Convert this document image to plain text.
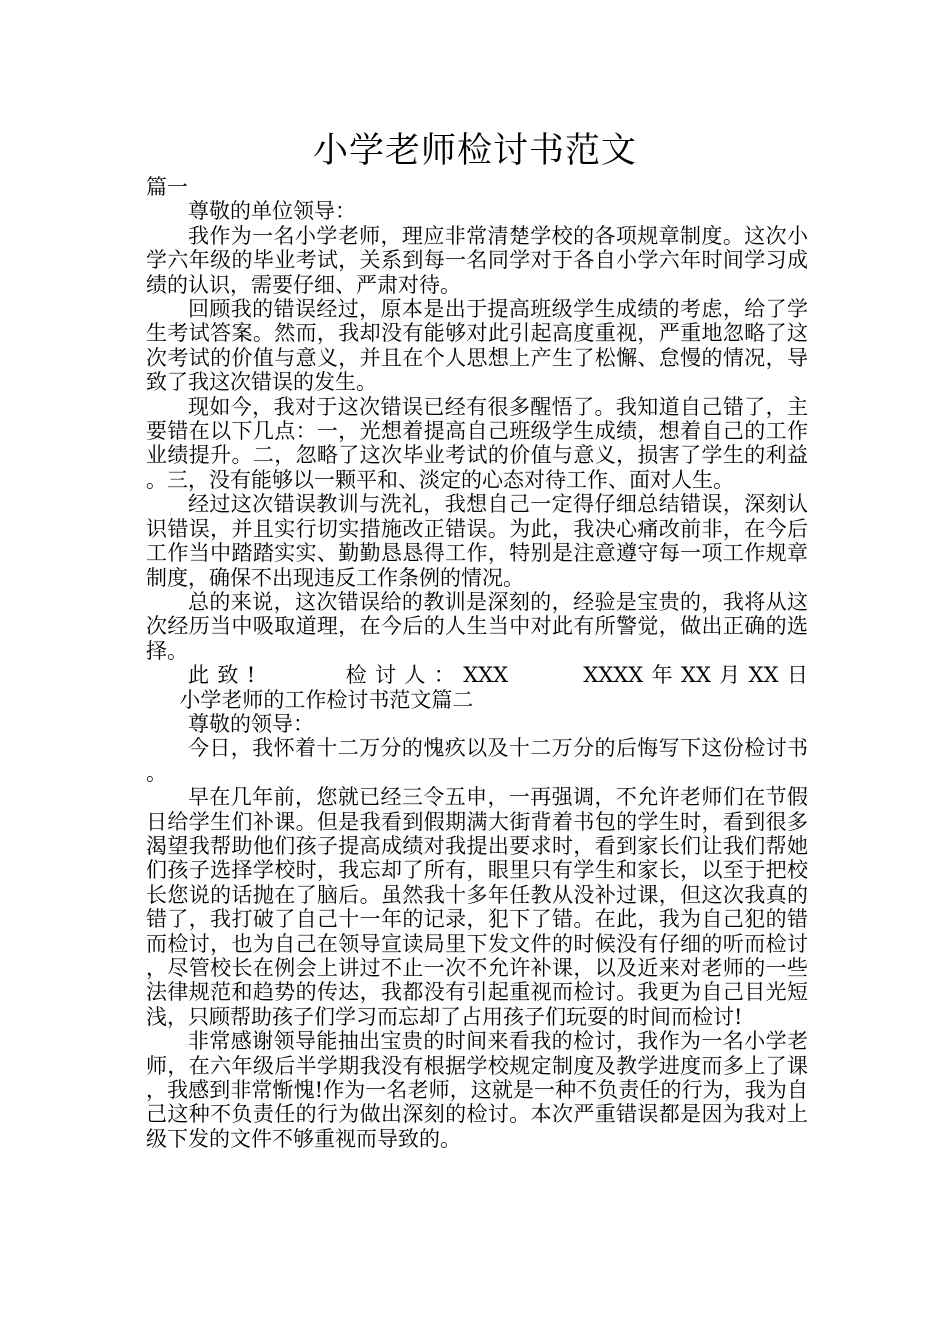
小学老师检讨书范文

篇一

尊敬的单位领导：

我作为一名小学老师，理应非常清楚学校的各项规章制度。这次小学六年级的毕业考试，关系到每一名同学对于各自小学六年时间学习成绩的认识，需要仔细、严肃对待。

回顾我的错误经过，原本是出于提高班级学生成绩的考虑，给了学生考试答案。然而，我却没有能够对此引起高度重视，严重地忽略了这次考试的价值与意义，并且在个人思想上产生了松懈、怠慢的情况，导致了我这次错误的发生。

现如今，我对于这次错误已经有很多醒悟了。我知道自己错了，主要错在以下几点：一，光想着提高自己班级学生成绩，想着自己的工作业绩提升。二，忽略了这次毕业考试的价值与意义，损害了学生的利益。三，没有能够以一颗平和、淡定的心态对待工作、面对人生。

经过这次错误教训与洗礼，我想自己一定得仔细总结错误，深刻认识错误，并且实行切实措施改正错误。为此，我决心痛改前非，在今后工作当中踏踏实实、勤勤恳恳得工作，特别是注意遵守每一项工作规章制度，确保不出现违反工作条例的情况。

总的来说，这次错误给的教训是深刻的，经验是宝贵的，我将从这次经历当中吸取道理，在今后的人生当中对此有所警觉，做出正确的选择。

此致!	检讨人：XXX	XXXX年XX月XX日     小学老师的工作检讨书范文篇二

尊敬的领导：

今日，我怀着十二万分的愧疚以及十二万分的后悔写下这份检讨书。

早在几年前，您就已经三令五申，一再强调，不允许老师们在节假日给学生们补课。但是我看到假期满大街背着书包的学生时，看到很多渴望我帮助他们孩子提高成绩对我提出要求时，看到家长们让我们帮她们孩子选择学校时，我忘却了所有，眼里只有学生和家长，以至于把校长您说的话抛在了脑后。虽然我十多年任教从没补过课，但这次我真的错了，我打破了自己十一年的记录，犯下了错。在此，我为自己犯的错而检讨，也为自己在领导宣读局里下发文件的时候没有仔细的听而检讨，尽管校长在例会上讲过不止一次不允许补课，以及近来对老师的一些法律规范和趋势的传达，我都没有引起重视而检讨。我更为自己目光短浅，只顾帮助孩子们学习而忘却了占用孩子们玩耍的时间而检讨!

非常感谢领导能抽出宝贵的时间来看我的检讨，我作为一名小学老师，在六年级后半学期我没有根据学校规定制度及教学进度而多上了课，我感到非常惭愧!作为一名老师，这就是一种不负责任的行为，我为自己这种不负责任的行为做出深刻的检讨。本次严重错误都是因为我对上级下发的文件不够重视而导致的。
